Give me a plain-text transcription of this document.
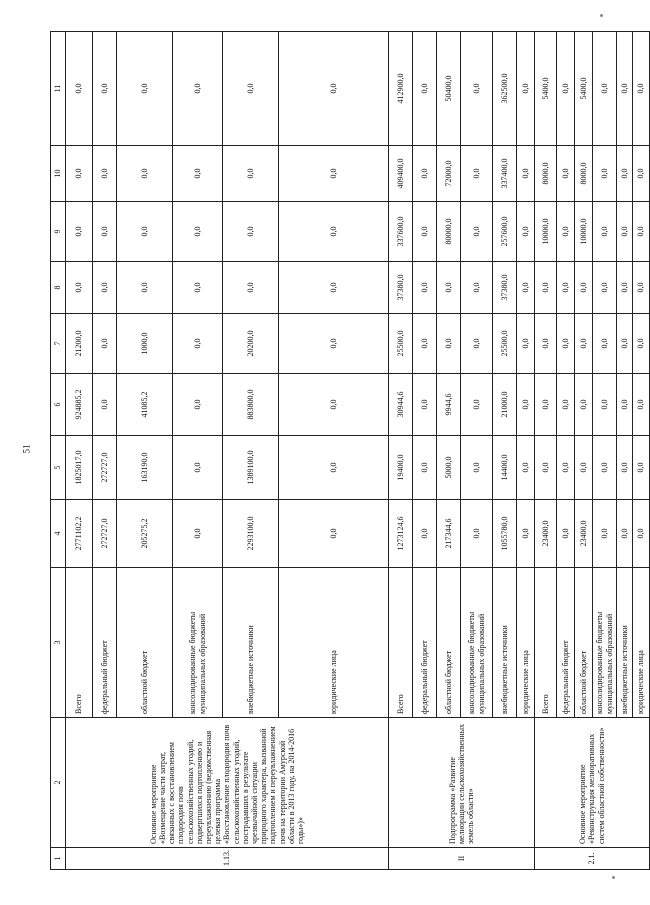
51
1	2	3	4	5	6	7	8	9	10	11
1.13.	Основное мероприятие «Возмещение части затрат, связанных с восстановлением плодородия почв сельскохозяйственных угодий, подвергшихся подтоплению и переувлажнению (ведомственная целевая программа «Восстановление плодородия почв сельскохозяйственных угодий, пострадавших в результате чрезвычайной ситуации природного характера, вызванной подтоплением и переувлажнением почв на территории Амурской области в 2013 году, на 2014-2016 годы»)»	Всего	2771102,2	1825017,0	924885,2	21200,0	0,0	0,0	0,0	0,0
		федеральный бюджет	272727,0	272727,0	0,0	0,0	0,0	0,0	0,0	0,0
		областной бюджет	205275,2	163190,0	41085,2	1000,0	0,0	0,0	0,0	0,0
		консолидированные бюджеты муниципальных образований	0,0	0,0	0,0	0,0	0,0	0,0	0,0	0,0
		внебюджетные источники	2293100,0	1389100,0	883800,0	20200,0	0,0	0,0	0,0	0,0
		юридические лица	0,0	0,0	0,0	0,0	0,0	0,0	0,0	0,0
II	Подпрограмма «Развитие мелиорации сельскохозяйственных земель области»	Всего	1273124,6	19400,0	30944,6	25500,0	37380,0	337600,0	409400,0	412900,0
		федеральный бюджет	0,0	0,0	0,0	0,0	0,0	0,0	0,0	0,0
		областной бюджет	217344,6	5000,0	9944,6	0,0	0,0	80000,0	72000,0	50400,0
		консолидированные бюджеты муниципальных образований	0,0	0,0	0,0	0,0	0,0	0,0	0,0	0,0
		внебюджетные источники	1055780,0	14400,0	21000,0	25500,0	37380,0	257600,0	337400,0	362500,0
		юридические лица	0,0	0,0	0,0	0,0	0,0	0,0	0,0	0,0
2.1.	Основное мероприятие «Реконструкция мелиоративных систем областной собственности»	Всего	23400,0	0,0	0,0	0,0	0,0	10000,0	8000,0	5400,0
		федеральный бюджет	0,0	0,0	0,0	0,0	0,0	0,0	0,0	0,0
		областной бюджет	23400,0	0,0	0,0	0,0	0,0	10000,0	8000,0	5400,0
		консолидированные бюджеты муниципальных образований	0,0	0,0	0,0	0,0	0,0	0,0	0,0	0,0
		внебюджетные источники	0,0	0,0	0,0	0,0	0,0	0,0	0,0	0,0
		юридические лица	0,0	0,0	0,0	0,0	0,0	0,0	0,0	0,0
